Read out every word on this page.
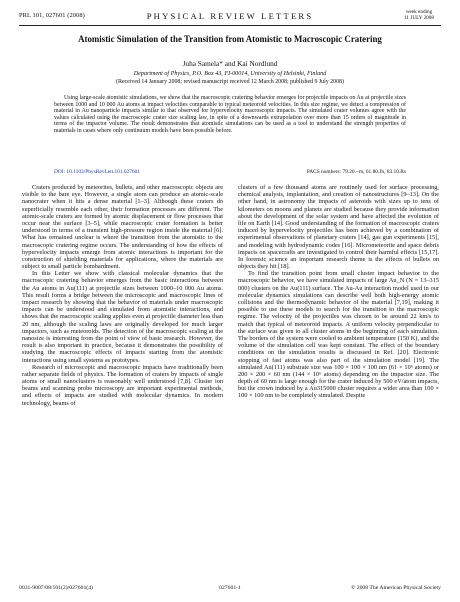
PRL 101, 027601 (2008)	PHYSICAL REVIEW LETTERS	week ending
11 JULY 2008
Atomistic Simulation of the Transition from Atomistic to Macroscopic Cratering
Juha Samela* and Kai Nordlund
Department of Physics, P.O. Box 43, FI-00014, University of Helsinki, Finland
(Received 14 January 2008; revised manuscript received 12 March 2008; published 9 July 2008)
Using large-scale atomistic simulations, we show that the macroscopic cratering behavior emerges for projectile impacts on Au at projectile sizes between 1000 and 10 000 Au atoms at impact velocities comparable to typical meteoroid velocities. In this size regime, we detect a compression of material in Au nanoparticle impacts similar to that observed for hypervelocity macroscopic impacts. The simulated crater volumes agree with the values calculated using the macroscopic crater size scaling law, in spite of a downwards extrapolation over more than 15 orders of magnitude in terms of the impactor volume. The result demonstrates that atomistic simulations can be used as a tool to understand the strength properties of materials in cases where only continuum models have been possible before.
DOI: 10.1103/PhysRevLett.101.027601	PACS numbers: 79.20.−m, 61.80.Jh, 83.10.Rs

Craters produced by meteorites, bullets, and other macroscopic objects are visible to the bare eye. However, a single atom can produce an atomic-scale nanocrater when it hits a dense material [1–3]. Although these craters do superficially resemble each other, their formation processes are different. The atomic-scale craters are formed by atomic displacement or flow processes that occur near the surface [3–5], while macroscopic crater formation is better understood in terms of a transient high-pressure region inside the material [6]. What has remained unclear is where the transition from the atomistic to the macroscopic cratering regime occurs. The understanding of how the effects of hypervelocity impacts emerge from atomic interactions is important for the construction of shielding materials for applications, where the materials are subject to small particle bombardment.

In this Letter we show with classical molecular dynamics that the macroscopic cratering behavior emerges from the basic interactions between the Au atoms in Au(111) at projectile sizes between 1000–10 000 Au atoms. This result forms a bridge between the microscopic and macroscopic lines of impact research by showing that the behavior of materials under macroscopic impacts can be understood and simulated from atomistic interactions, and shows that the macroscopic scaling applies even at projectile diameter less than 20 nm, although the scaling laws are originally developed for much larger impactors, such as meteoroids. The detection of the macroscopic scaling at the nanosize is interesting from the point of view of basic research. However, the result is also important in practice, because it demonstrates the possibility of studying the macroscopic effects of impacts starting from the atomistic interactions using small systems as prototypes.

Research of microscopic and macroscopic impacts have traditionally been rather separate fields of physics. The formation of craters by impacts of single atoms or small nanoclusters is reasonably well understood [7,8]. Cluster ion beams and scanning probe microscopy are important experimental methods, and effects of impacts are studied with molecular dynamics. In modern technology, beams of

clusters of a few thousand atoms are routinely used for surface processing, chemical analysis, implantation, and creation of nanostructures [9–13]. On the other hand, in astronomy the impacts of asteroids with sizes up to tens of kilometers on moons and planets are studied because they provide information about the development of the solar system and have affected the evolution of life on Earth [14]. Good understanding of the formation of macroscopic craters induced by hypervelocity projectiles has been achieved by a combination of experimental observations of planetary craters [14], gas gun experiments [15], and modeling with hydrodynamic codes [16]. Micrometeorite and space debris impacts on spacecrafts are investigated to control their harmful effects [15,17]. In forensic science an important research theme is the effects of bullets on objects they hit [18].

To find the transition point from small cluster impact behavior to the macroscopic behavior, we have simulated impacts of large Au_N (N = 13–315 000) clusters on the Au(111) surface. The Au-Au interaction model used in our molecular dynamics simulations can describe well both high-energy atomic collisions and the thermodynamic behavior of the material [7,19], making it possible to use these models to search for the transition to the macroscopic regime. The velocity of the projectiles was chosen to be around 22 km/s to match that typical of meteoroid impacts. A uniform velocity perpendicular to the surface was given to all cluster atoms in the beginning of each simulation. The borders of the system were cooled to ambient temperature (150 K), and the volume of the simulation cell was kept constant. The effect of the boundary conditions on the simulation results is discussed in Ref. [20]. Electronic stopping of fast atoms was also part of the simulation model [19]. The simulated Au(111) substrate size was 100 × 100 × 100 nm (61 × 10⁶ atoms) or 200 × 200 × 60 nm (144 × 10⁶ atoms) depending on the impactor size. The depth of 60 nm is large enough for the crater induced by 500 eV/atom impacts, but the crown induced by a Au315000 cluster requires a wider area than 100 × 100 × 100 nm to be completely simulated. Despite

0031-9007/08/101(2)/027601(4)	027601-1	© 2008 The American Physical Society
